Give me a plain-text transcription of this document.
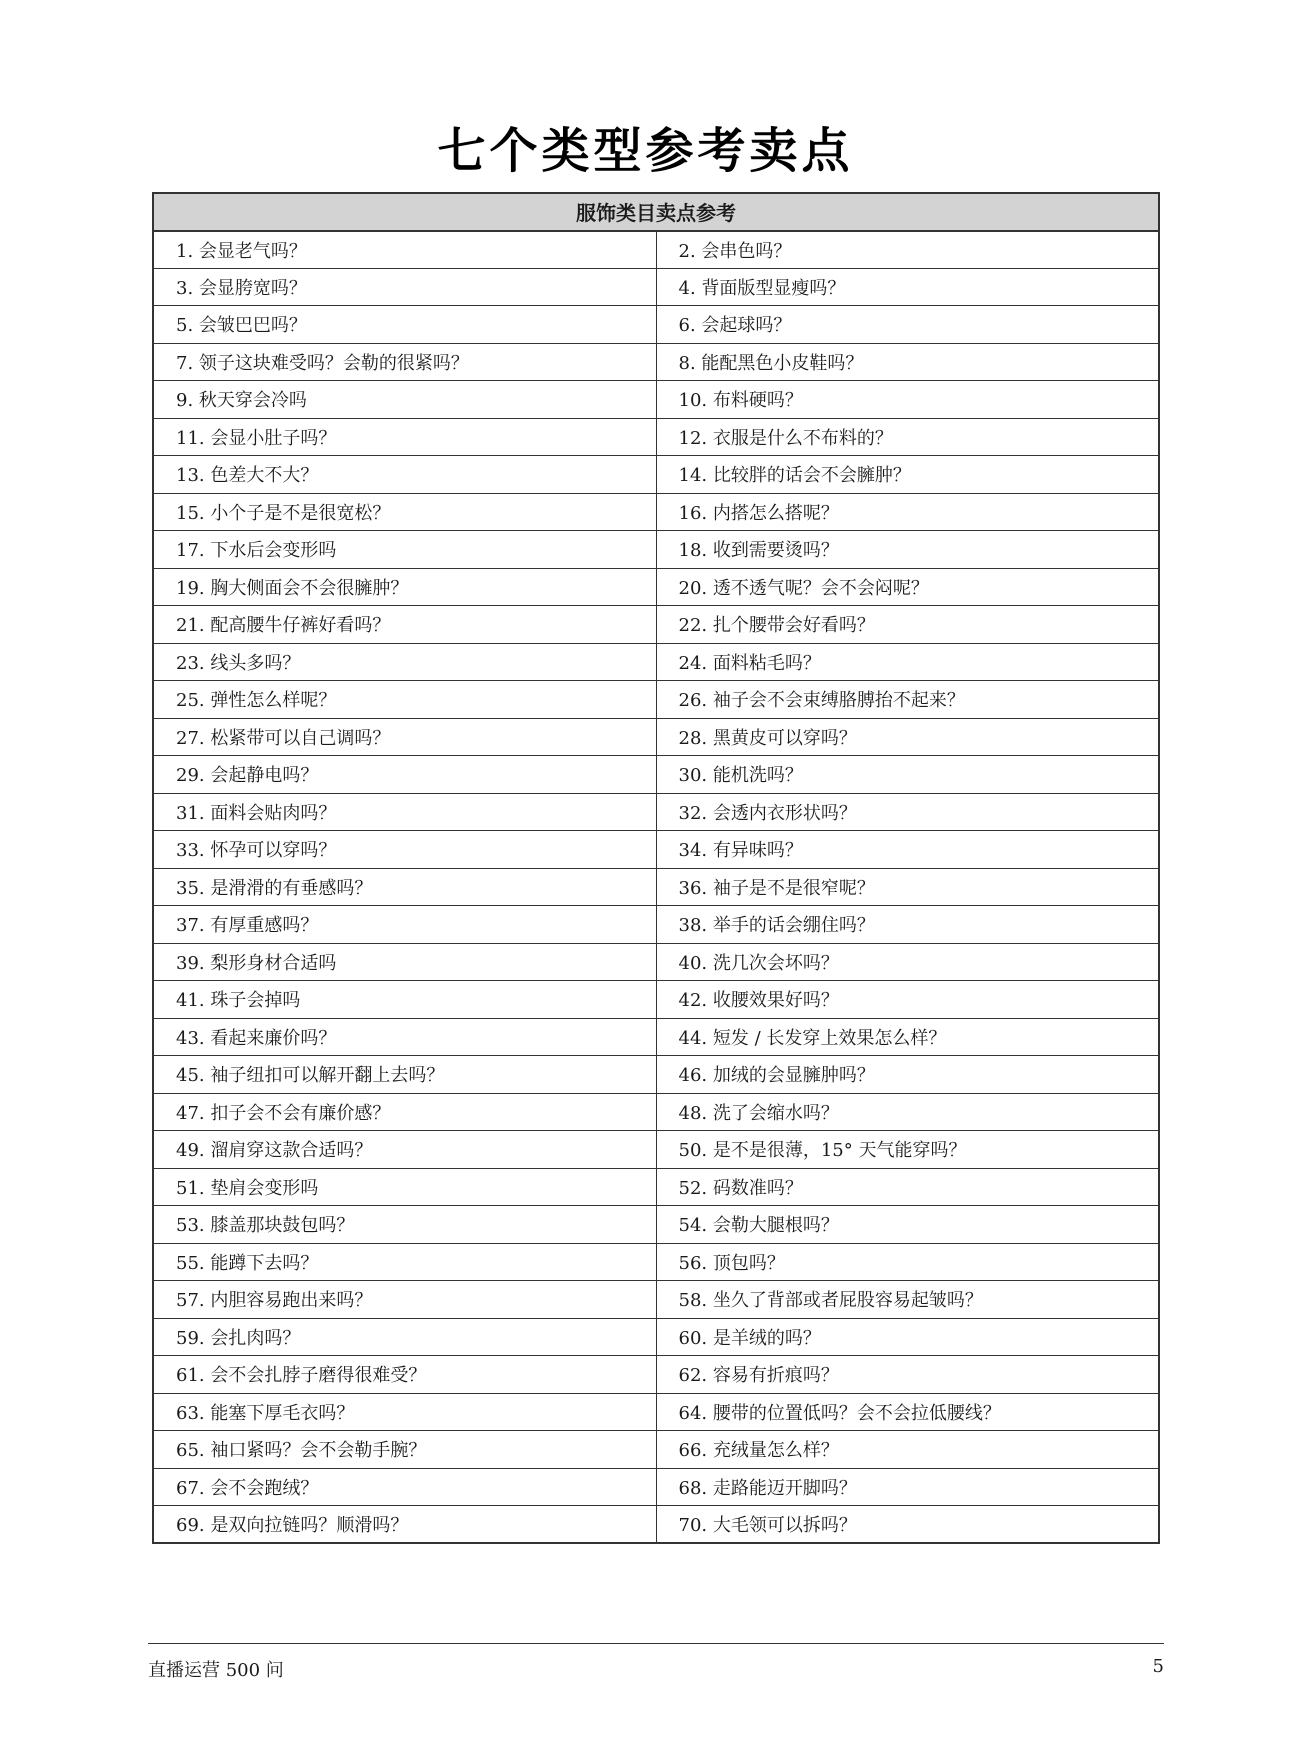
七个类型参考卖点
服饰类目卖点参考	
1. 会显老气吗？	2. 会串色吗？
3. 会显胯宽吗？	4. 背面版型显瘦吗？
5. 会皱巴巴吗？	6. 会起球吗？
7. 领子这块难受吗？会勒的很紧吗？	8. 能配黑色小皮鞋吗？
9. 秋天穿会冷吗	10. 布料硬吗？
11. 会显小肚子吗？	12. 衣服是什么不布料的？
13. 色差大不大？	14. 比较胖的话会不会臃肿？
15. 小个子是不是很宽松？	16. 内搭怎么搭呢？
17. 下水后会变形吗	18. 收到需要烫吗？
19. 胸大侧面会不会很臃肿？	20. 透不透气呢？会不会闷呢？
21. 配高腰牛仔裤好看吗？	22. 扎个腰带会好看吗？
23. 线头多吗？	24. 面料粘毛吗？
25. 弹性怎么样呢？	26. 袖子会不会束缚胳膊抬不起来？
27. 松紧带可以自己调吗？	28. 黑黄皮可以穿吗？
29. 会起静电吗？	30. 能机洗吗？
31. 面料会贴肉吗？	32. 会透内衣形状吗？
33. 怀孕可以穿吗？	34. 有异味吗？
35. 是滑滑的有垂感吗？	36. 袖子是不是很窄呢？
37. 有厚重感吗？	38. 举手的话会绷住吗？
39. 梨形身材合适吗	40. 洗几次会坏吗？
41. 珠子会掉吗	42. 收腰效果好吗？
43. 看起来廉价吗？	44. 短发 / 长发穿上效果怎么样？
45. 袖子纽扣可以解开翻上去吗？	46. 加绒的会显臃肿吗？
47. 扣子会不会有廉价感？	48. 洗了会缩水吗？
49. 溜肩穿这款合适吗？	50. 是不是很薄，15° 天气能穿吗？
51. 垫肩会变形吗	52. 码数准吗？
53. 膝盖那块鼓包吗？	54. 会勒大腿根吗？
55. 能蹲下去吗？	56. 顶包吗？
57. 内胆容易跑出来吗？	58. 坐久了背部或者屁股容易起皱吗？
59. 会扎肉吗？	60. 是羊绒的吗？
61. 会不会扎脖子磨得很难受？	62. 容易有折痕吗？
63. 能塞下厚毛衣吗？	64. 腰带的位置低吗？会不会拉低腰线？
65. 袖口紧吗？会不会勒手腕？	66. 充绒量怎么样？
67. 会不会跑绒？	68. 走路能迈开脚吗？
69. 是双向拉链吗？顺滑吗？	70. 大毛领可以拆吗？
直播运营 500 问	5
